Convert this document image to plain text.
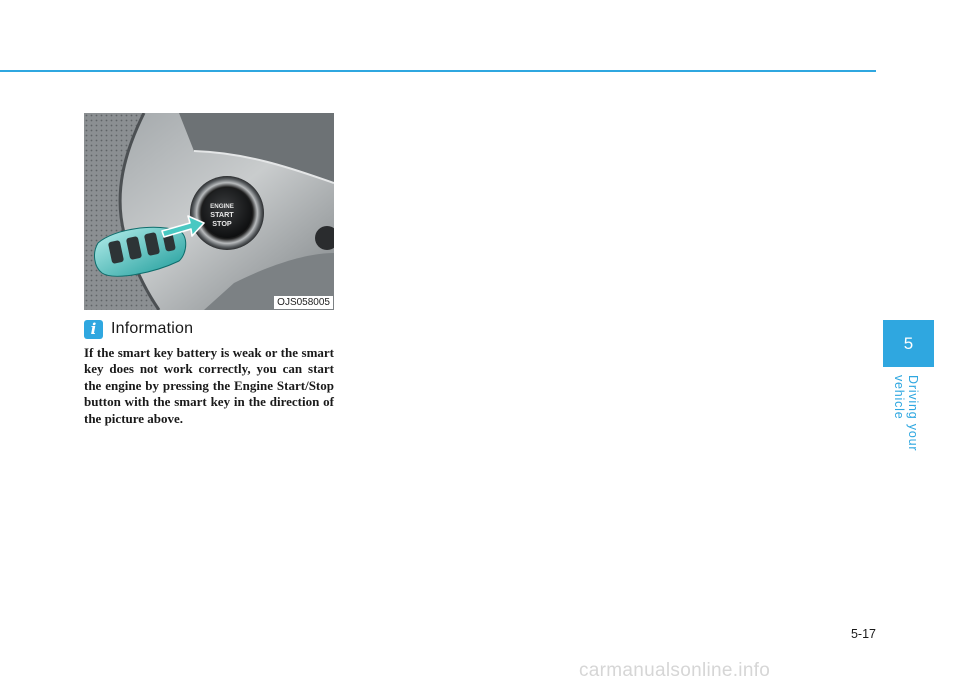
ENGINE
START
STOP
OJS058005
i Information

If the smart key battery is weak or the smart key does not work correctly, you can start the engine by pressing the Engine Start/Stop button with the smart key in the direction of the picture above.

5
Driving your vehicle
5-17
carmanualsonline.info
